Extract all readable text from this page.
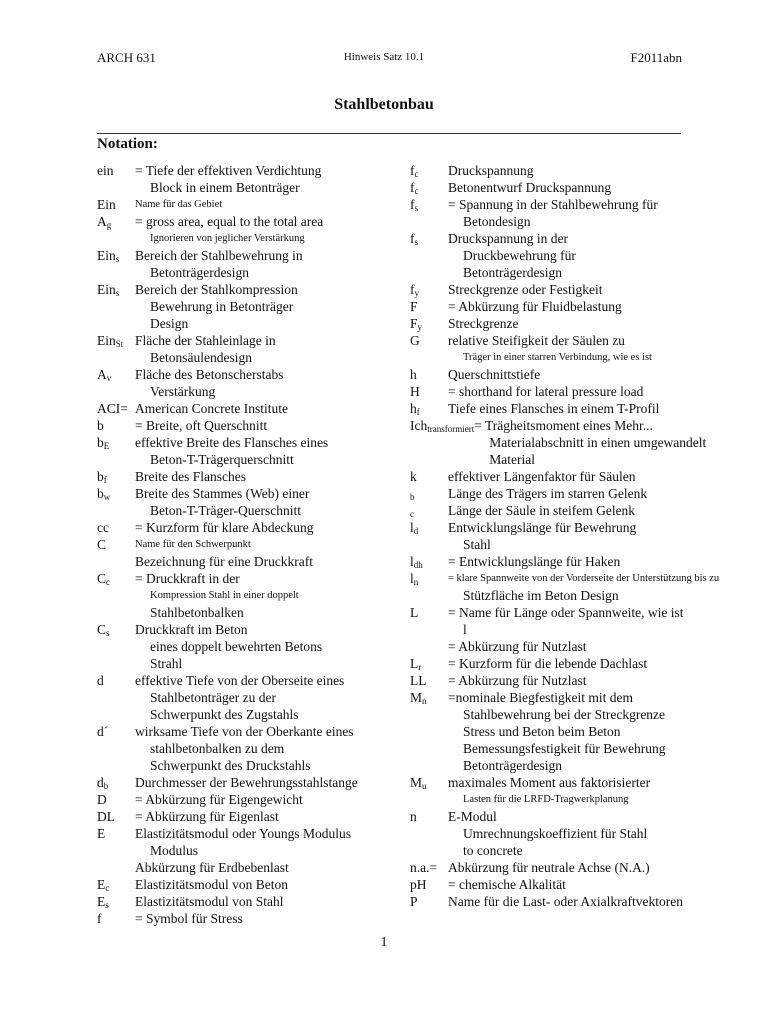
ARCH 631	Hinweis Satz 10.1	F2011abn
Stahlbetonbau
Notation:
ein	= Tiefe der effektiven Verdichtung
Block in einem Betonträger
Ein	Name für das Gebiet
$A_g$	= gross area, equal to the total area
Ignorieren von jeglicher Verstärkung
Ein$_s$	Bereich der Stahlbewehrung in
Betonträgerdesign
Ein$_s$	Bereich der Stahlkompression
Bewehrung in Betonträger
Design
Ein$_{St}$ Fläche der Stahleinlage in
Betonsäulendesign
$A_v$	Fläche des Betonscherstabs
Verstärkung
ACI= American Concrete Institute
b	= Breite, oft Querschnitt
$b_E$	effektive Breite des Flansches eines
Beton-T-Trägerquerschnitt
$b_f$	Breite des Flansches
$b_w$	Breite des Stammes (Web) einer
Beton-T-Träger-Querschnitt
cc	= Kurzform für klare Abdeckung
C	Name für den Schwerpunkt
Bezeichnung für eine Druckkraft
$C_c$	= Druckkraft in der
Kompression Stahl in einer doppelt
Stahlbetonbalken
$C_s$	Druckkraft im Beton
eines doppelt bewehrten Betons
Strahl
d	effektive Tiefe von der Oberseite eines
Stahlbetonträger zu der
Schwerpunkt des Zugstahls
d´	wirksame Tiefe von der Oberkante eines
stahlbetonbalken zu dem
Schwerpunkt des Druckstahls
$d_b$	Durchmesser der Bewehrungsstahlstange
D	= Abkürzung für Eigengewicht
DL	= Abkürzung für Eigenlast
E	Elastizitätsmodul oder Youngs Modulus
Modulus
Abkürzung für Erdbebenlast
$E_c$	Elastizitätsmodul von Beton
$E_s$	Elastizitätsmodul von Stahl
f	= Symbol für Stress
$f_c$	Druckspannung
$f_c$	Betonentwurf Druckspannung
$f_s$	= Spannung in der Stahlbewehrung für
Betondesign
$f_s$	Druckspannung in der
Druckbewehrung für
Betonträgerdesign
$f_y$	Streckgrenze oder Festigkeit
F	= Abkürzung für Fluidbelastung
$F_y$	Streckgrenze
G	relative Steifigkeit der Säulen zu
Träger in einer starren Verbindung, wie es ist
h	Querschnittstiefe
H	= shorthand for lateral pressure load
$h_f$	Tiefe eines Flansches in einem T-Profil
Ich$_{transformiert}$ = Trägheitsmoment eines Mehr...
Materialabschnitt in einen umgewandelt
Material
k	effektiver Längenfaktor für Säulen
$_b$	Länge des Trägers im starren Gelenk
$_c$	Länge der Säule in steifem Gelenk
$l_d$	Entwicklungslänge für Bewehrung
Stahl
$l_{dh}$	= Entwicklungslänge für Haken
$l_n$	= klare Spannweite von der Vorderseite der Unterstützung bis zu
Stützfläche im Beton Design
L	= Name für Länge oder Spannweite, wie ist
l
= Abkürzung für Nutzlast
$L_r$	= Kurzform für die lebende Dachlast
LL	= Abkürzung für Nutzlast
$M_n$	=nominale Biegfestigkeit mit dem
Stahlbewehrung bei der Streckgrenze
Stress und Beton beim Beton
Bemessungsfestigkeit für Bewehrung
Betonträgerdesign
$M_u$	maximales Moment aus faktorisierter
Lasten für die LRFD-Tragwerkplanung
n	E-Modul
Umrechnungskoeffizient für Stahl
to concrete
n.a.= Abkürzung für neutrale Achse (N.A.)
pH	= chemische Alkalität
P	Name für die Last- oder Axialkraftvektoren
1
